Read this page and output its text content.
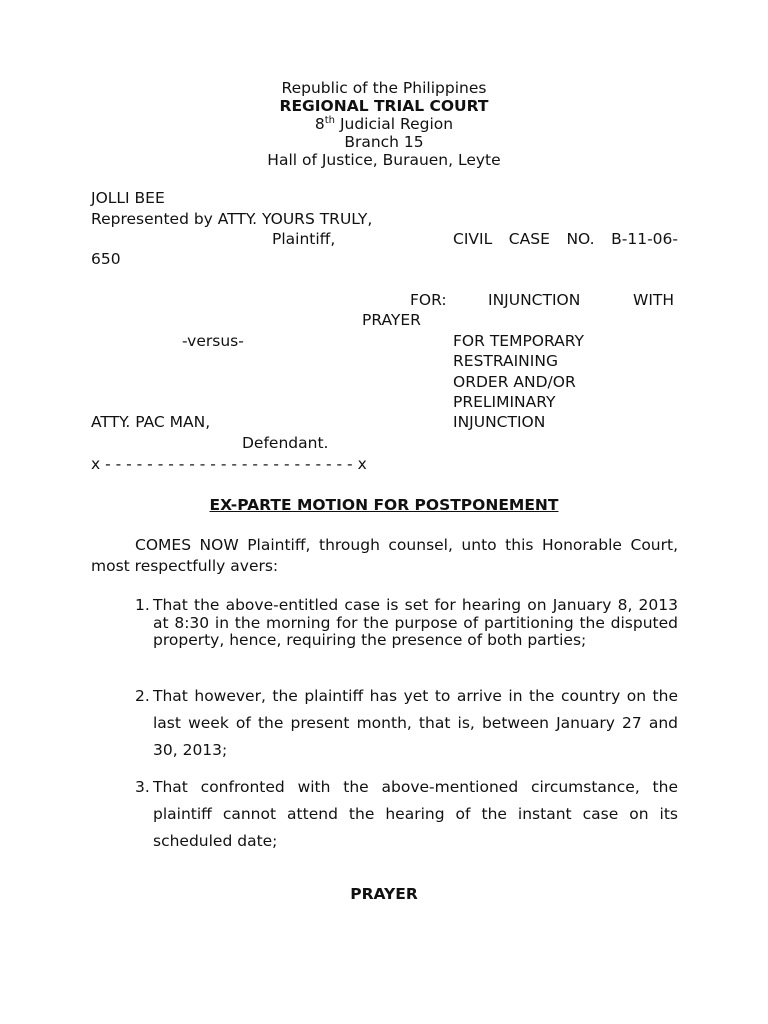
Republic of the Philippines
REGIONAL TRIAL COURT
8th Judicial Region
Branch 15
Hall of Justice, Burauen, Leyte
JOLLI BEE
Represented by ATTY. YOURS TRULY,
Plaintiff,	CIVIL CASE NO. B-11-06-
650
FOR:	INJUNCTION	WITH
PRAYER
-versus-	FOR TEMPORARY
RESTRAINING
ORDER AND/OR
PRELIMINARY
ATTY. PAC MAN,	INJUNCTION
Defendant.
x - - - - - - - - - - - - - - - - - - - - - - - - x
EX-PARTE MOTION FOR POSTPONEMENT
COMES NOW Plaintiff, through counsel, unto this Honorable Court, most respectfully avers:
1. That the above-entitled case is set for hearing on January 8, 2013 at 8:30 in the morning for the purpose of partitioning the disputed property, hence, requiring the presence of both parties;
2. That however, the plaintiff has yet to arrive in the country on the last week of the present month, that is, between January 27 and 30, 2013;
3. That confronted with the above-mentioned circumstance, the plaintiff cannot attend the hearing of the instant case on its scheduled date;
PRAYER
